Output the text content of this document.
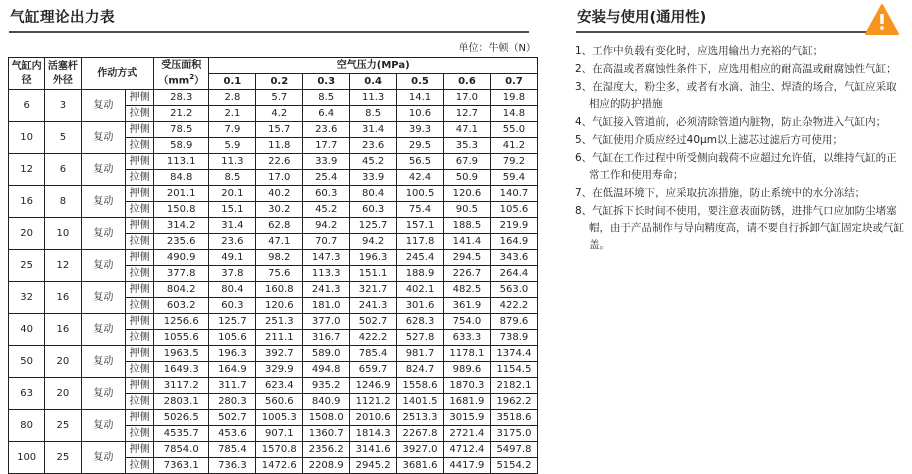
气缸理论出力表
单位：牛顿（N）
气缸内径	活塞杆外径	作动方式		受压面积
$(mm^2)$	空气压力(MPa)						
					0.1	0.2	0.3	0.4	0.5	0.6	0.7
6	3	复动	押侧	28.3	2.8	5.7	8.5	11.3	14.1	17.0	19.8
			拉侧	21.2	2.1	4.2	6.4	8.5	10.6	12.7	14.8
10	5	复动	押侧	78.5	7.9	15.7	23.6	31.4	39.3	47.1	55.0
			拉侧	58.9	5.9	11.8	17.7	23.6	29.5	35.3	41.2
12	6	复动	押侧	113.1	11.3	22.6	33.9	45.2	56.5	67.9	79.2
			拉侧	84.8	8.5	17.0	25.4	33.9	42.4	50.9	59.4
16	8	复动	押侧	201.1	20.1	40.2	60.3	80.4	100.5	120.6	140.7
			拉侧	150.8	15.1	30.2	45.2	60.3	75.4	90.5	105.6
20	10	复动	押侧	314.2	31.4	62.8	94.2	125.7	157.1	188.5	219.9
			拉侧	235.6	23.6	47.1	70.7	94.2	117.8	141.4	164.9
25	12	复动	押侧	490.9	49.1	98.2	147.3	196.3	245.4	294.5	343.6
			拉侧	377.8	37.8	75.6	113.3	151.1	188.9	226.7	264.4
32	16	复动	押侧	804.2	80.4	160.8	241.3	321.7	402.1	482.5	563.0
			拉侧	603.2	60.3	120.6	181.0	241.3	301.6	361.9	422.2
40	16	复动	押侧	1256.6	125.7	251.3	377.0	502.7	628.3	754.0	879.6
			拉侧	1055.6	105.6	211.1	316.7	422.2	527.8	633.3	738.9
50	20	复动	押侧	1963.5	196.3	392.7	589.0	785.4	981.7	1178.1	1374.4
			拉侧	1649.3	164.9	329.9	494.8	659.7	824.7	989.6	1154.5
63	20	复动	押侧	3117.2	311.7	623.4	935.2	1246.9	1558.6	1870.3	2182.1
			拉侧	2803.1	280.3	560.6	840.9	1121.2	1401.5	1681.9	1962.2
80	25	复动	押侧	5026.5	502.7	1005.3	1508.0	2010.6	2513.3	3015.9	3518.6
			拉侧	4535.7	453.6	907.1	1360.7	1814.3	2267.8	2721.4	3175.0
100	25	复动	押侧	7854.0	785.4	1570.8	2356.2	3141.6	3927.0	4712.4	5497.8
			拉侧	7363.1	736.3	1472.6	2208.9	2945.2	3681.6	4417.9	5154.2
安装与使用(通用性)
1、工作中负载有变化时，应选用输出力充裕的气缸；
2、在高温或者腐蚀性条件下，应选用相应的耐高温或耐腐蚀性气缸；
3、在湿度大，粉尘多，或者有水滴、油尘、焊渣的场合，气缸应采取相应的防护措施
4、气缸接入管道前，必须清除管道内脏物，防止杂物进入气缸内；
5、气缸使用介质应经过40μm以上滤芯过滤后方可使用；
6、气缸在工作过程中所受侧向载荷不应超过允许值，以维持气缸的正常工作和使用寿命；
7、在低温环境下，应采取抗冻措施，防止系统中的水分冻结；
8、气缸拆下长时间不使用，要注意表面防锈，进排气口应加防尘堵塞帽，由于产品制作与导向精度高，请不要自行拆卸气缸固定块或气缸盖。
